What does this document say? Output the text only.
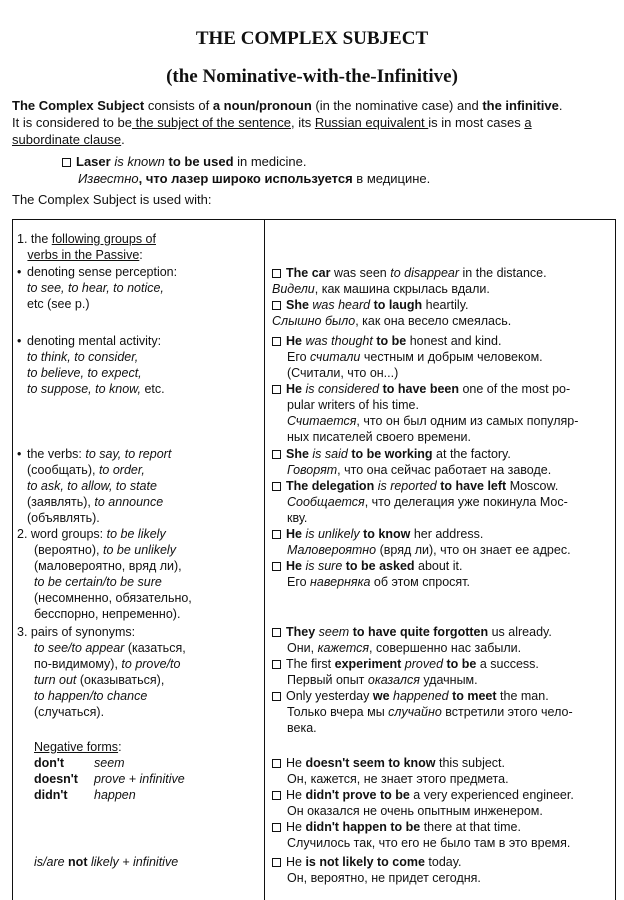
THE COMPLEX SUBJECT
(the Nominative-with-the-Infinitive)
The Complex Subject consists of a noun/pronoun (in the nominative case) and the infinitive.
It is considered to be the subject of the sentence, its Russian equivalent is in most cases a
subordinate clause.
Laser is known to be used in medicine.
Известно, что лазер широко используется в медицине.
The Complex Subject is used with:
1. the following groups of
verbs in the Passive:
• denoting sense perception:
to see, to hear, to notice,
etc (see p.)
• denoting mental activity:
to think, to consider,
to believe, to expect,
to suppose, to know, etc.
• the verbs: to say, to report
(сообщать), to order,
to ask, to allow, to state
(заявлять), to announce
(объявлять).
2. word groups: to be likely
(вероятно), to be unlikely
(маловероятно, вряд ли),
to be certain/to be sure
(несомненно, обязательно,
бесспорно, непременно).
3. pairs of synonyms:
to see/to appear (казаться,
по-видимому), to prove/to
turn out (оказываться),
to happen/to chance
(случаться).
Negative forms:
don't seem
doesn't prove + infinitive
didn't happen
is/are not likely + infinitive
The car was seen to disappear in the distance.
Видели, как машина скрылась вдали.
She was heard to laugh heartily.
Слышно было, как она весело смеялась.
He was thought to be honest and kind.
Его считали честным и добрым человеком.
(Считали, что он...)
He is considered to have been one of the most po-
pular writers of his time.
Считается, что он был одним из самых популяр-
ных писателей своего времени.
She is said to be working at the factory.
Говорят, что она сейчас работает на заводе.
The delegation is reported to have left Moscow.
Сообщается, что делегация уже покинула Мос-
кву.
He is unlikely to know her address.
Маловероятно (вряд ли), что он знает ее адрес.
He is sure to be asked about it.
Его наверняка об этом спросят.
They seem to have quite forgotten us already.
Они, кажется, совершенно нас забыли.
The first experiment proved to be a success.
Первый опыт оказался удачным.
Only yesterday we happened to meet the man.
Только вчера мы случайно встретили этого чело-
века.
He doesn't seem to know this subject.
Он, кажется, не знает этого предмета.
He didn't prove to be a very experienced engineer.
Он оказался не очень опытным инженером.
He didn't happen to be there at that time.
Случилось так, что его не было там в это время.
He is not likely to come today.
Он, вероятно, не придет сегодня.
